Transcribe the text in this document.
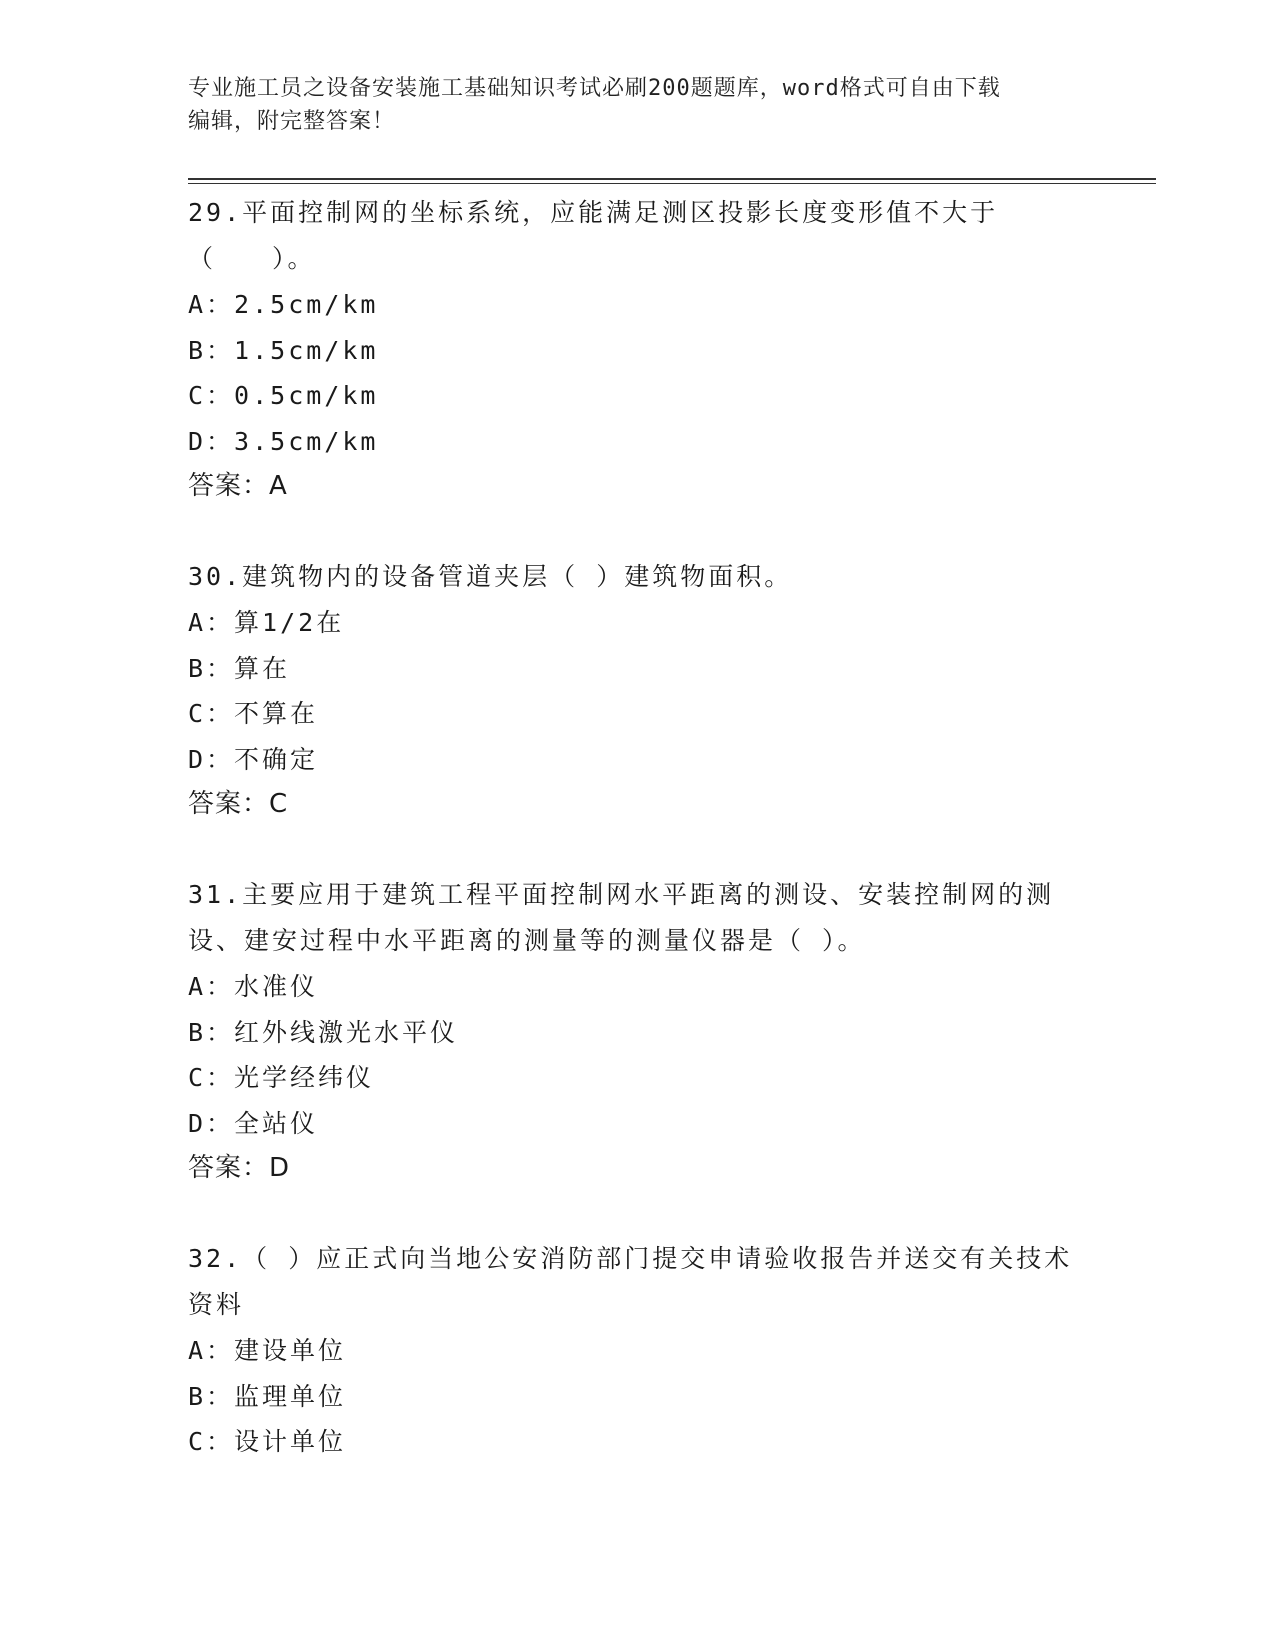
专业施工员之设备安装施工基础知识考试必刷200题题库，word格式可自由下载
编辑，附完整答案！
29.平面控制网的坐标系统，应能满足测区投影长度变形值不大于（　　）。
A：2.5cm/km
B：1.5cm/km
C：0.5cm/km
D：3.5cm/km
答案：A
30.建筑物内的设备管道夹层（ ）建筑物面积。
A：算1/2在
B：算在
C：不算在
D：不确定
答案：C
31.主要应用于建筑工程平面控制网水平距离的测设、安装控制网的测设、建安过程中水平距离的测量等的测量仪器是（ ）。
A：水准仪
B：红外线激光水平仪
C：光学经纬仪
D：全站仪
答案：D
32.（ ）应正式向当地公安消防部门提交申请验收报告并送交有关技术资料
A：建设单位
B：监理单位
C：设计单位
